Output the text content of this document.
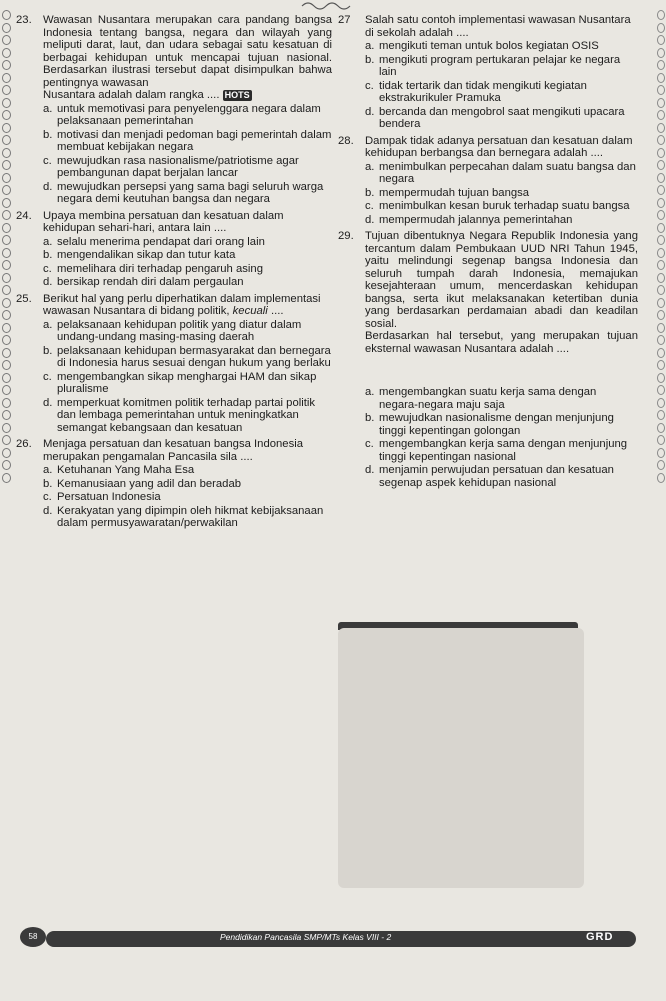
23. Wawasan Nusantara merupakan cara pandang bangsa Indonesia tentang bangsa, negara dan wilayah yang meliputi darat, laut, dan udara sebagai satu kesatuan di berbagai kehidupan untuk mencapai tujuan nasional. Berdasarkan ilustrasi tersebut dapat disimpulkan bahwa pentingnya wawasan
Nusantara adalah dalam rangka .... HOTS
a. untuk memotivasi para penyelenggara negara dalam pelaksanaan pemerintahan
b. motivasi dan menjadi pedoman bagi pemerintah dalam membuat kebijakan negara
c. mewujudkan rasa nasionalisme/patriotisme agar pembangunan dapat berjalan lancar
d. mewujudkan persepsi yang sama bagi seluruh warga negara demi keutuhan bangsa dan negara
24. Upaya membina persatuan dan kesatuan dalam kehidupan sehari-hari, antara lain ....
a. selalu menerima pendapat dari orang lain
b. mengendalikan sikap dan tutur kata
c. memelihara diri terhadap pengaruh asing
d. bersikap rendah diri dalam pergaulan
25. Berikut hal yang perlu diperhatikan dalam implementasi wawasan Nusantara di bidang politik, kecuali ....
a. pelaksanaan kehidupan politik yang diatur dalam undang-undang masing-masing daerah
b. pelaksanaan kehidupan bermasyarakat dan bernegara di Indonesia harus sesuai dengan hukum yang berlaku
c. mengembangkan sikap menghargai HAM dan sikap pluralisme
d. memperkuat komitmen politik terhadap partai politik dan lembaga pemerintahan untuk meningkatkan semangat kebangsaan dan kesatuan
26. Menjaga persatuan dan kesatuan bangsa Indonesia merupakan pengamalan Pancasila sila ....
a. Ketuhanan Yang Maha Esa
b. Kemanusiaan yang adil dan beradab
c. Persatuan Indonesia
d. Kerakyatan yang dipimpin oleh hikmat kebijaksanaan dalam permusyawaratan/perwakilan
27 Salah satu contoh implementasi wawasan Nusantara di sekolah adalah ....
a. mengikuti teman untuk bolos kegiatan OSIS
b. mengikuti program pertukaran pelajar ke negara lain
c. tidak tertarik dan tidak mengikuti kegiatan ekstrakurikuler Pramuka
d. bercanda dan mengobrol saat mengikuti upacara bendera
28. Dampak tidak adanya persatuan dan kesatuan dalam kehidupan berbangsa dan bernegara adalah ....
a. menimbulkan perpecahan dalam suatu bangsa dan negara
b. mempermudah tujuan bangsa
c. menimbulkan kesan buruk terhadap suatu bangsa
d. mempermudah jalannya pemerintahan
29. Tujuan dibentuknya Negara Republik Indonesia yang tercantum dalam Pembukaan UUD NRI Tahun 1945, yaitu melindungi segenap bangsa Indonesia dan seluruh tumpah darah Indonesia, memajukan kesejahteraan umum, mencerdaskan kehidupan bangsa, serta ikut melaksanakan ketertiban dunia yang berdasarkan perdamaian abadi dan keadilan sosial.
Berdasarkan hal tersebut, yang merupakan tujuan eksternal wawasan Nusantara adalah ....
a. mengembangkan suatu kerja sama dengan negara-negara maju saja
b. mewujudkan nasionalisme dengan menjunjung tinggi kepentingan golongan
c. mengembangkan kerja sama dengan menjunjung tinggi kepentingan nasional
d. menjamin perwujudan persatuan dan kesatuan segenap aspek kehidupan nasional
58	Pendidikan Pancasila SMP/MTs Kelas VIII - 2	GRD
